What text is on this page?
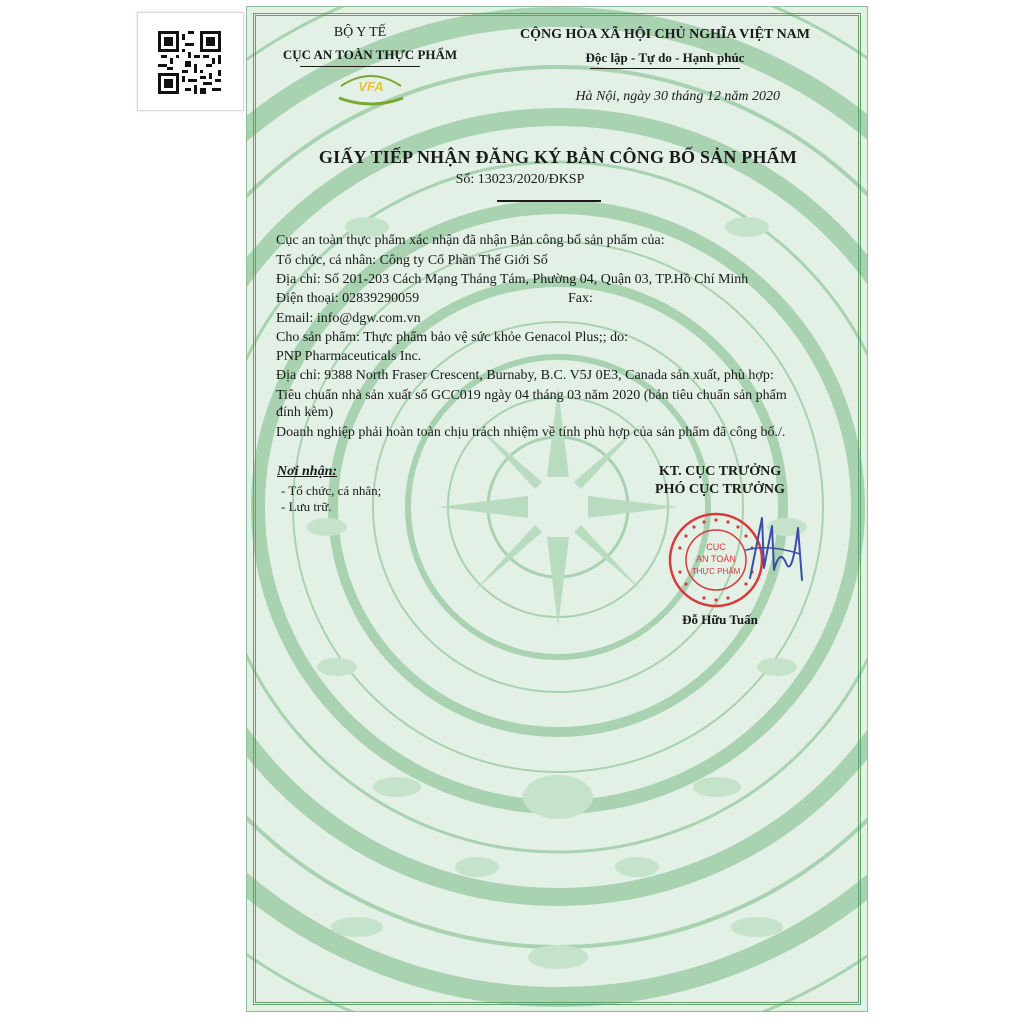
BỘ Y TẾ
CỤC AN TOÀN THỰC PHẨM
VFA
CỘNG HÒA XÃ HỘI CHỦ NGHĨA VIỆT NAM
Độc lập - Tự do - Hạnh phúc
Hà Nội, ngày 30 tháng 12 năm 2020
GIẤY TIẾP NHẬN ĐĂNG KÝ BẢN CÔNG BỐ SẢN PHẨM
Số: 13023/2020/ĐKSP
Cục an toàn thực phẩm xác nhận đã nhận Bản công bố sản phẩm của:
Tổ chức, cá nhân: Công ty Cổ Phần Thế Giới Số
Địa chỉ: Số 201-203 Cách Mạng Tháng Tám, Phường 04, Quận 03, TP.Hồ Chí Minh
Điện thoại: 02839290059	Fax:
Email: info@dgw.com.vn
Cho sản phẩm: Thực phẩm bảo vệ sức khỏe Genacol Plus;; do:
PNP Pharmaceuticals Inc.
Địa chỉ: 9388 North Fraser Crescent, Burnaby, B.C. V5J 0E3, Canada sản xuất, phù hợp:
Tiêu chuẩn nhà sản xuất số GCC019 ngày 04 tháng 03 năm 2020 (bản tiêu chuẩn sản phẩm
đính kèm)
Doanh nghiệp phải hoàn toàn chịu trách nhiệm về tính phù hợp của sản phẩm đã công bố./.
Nơi nhận:
- Tổ chức, cá nhân;
- Lưu trữ.
KT. CỤC TRƯỞNG
PHÓ CỤC TRƯỞNG
CỤC
AN TOÀN
THỰC PHẨM
Đỗ Hữu Tuấn
